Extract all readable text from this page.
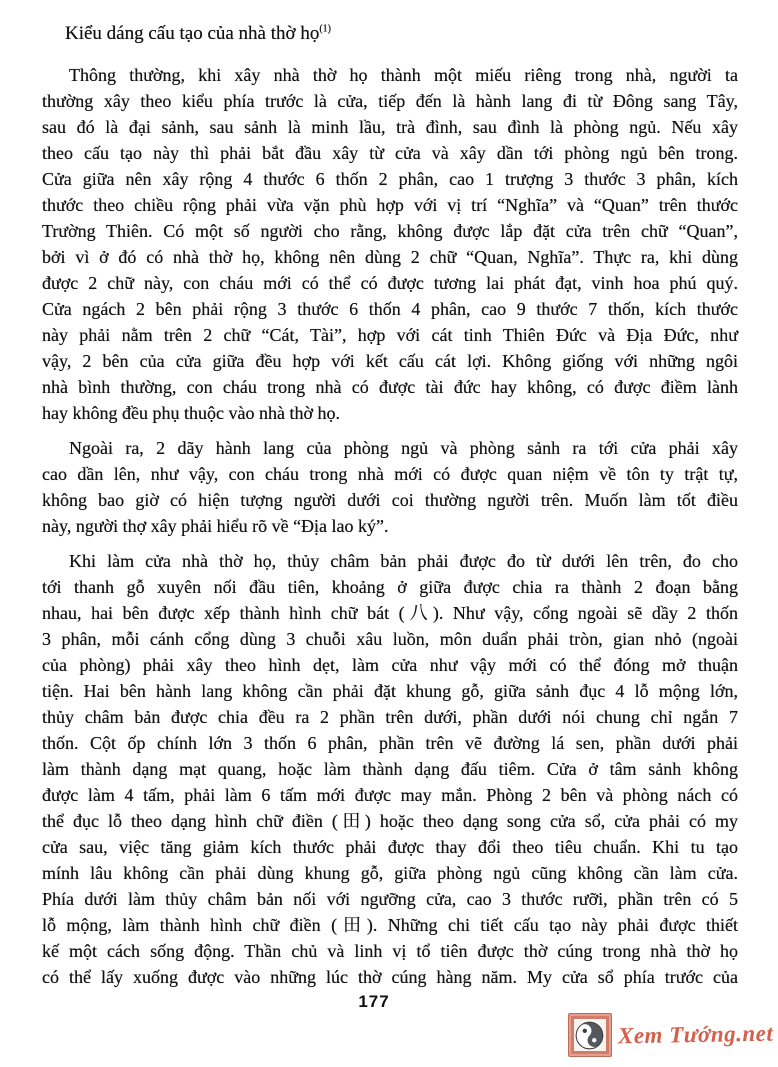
Kiểu dáng cấu tạo của nhà thờ họ$^{(1)}$
Thông thường, khi xây nhà thờ họ thành một miếu riêng trong nhà, người ta
thường xây theo kiểu phía trước là cửa, tiếp đến là hành lang đi từ Đông sang Tây,
sau đó là đại sảnh, sau sảnh là minh lầu, trà đình, sau đình là phòng ngủ. Nếu xây
theo cấu tạo này thì phải bắt đầu xây từ cửa và xây dần tới phòng ngủ bên trong.
Cửa giữa nên xây rộng 4 thước 6 thốn 2 phân, cao 1 trượng 3 thước 3 phân, kích
thước theo chiều rộng phải vừa vặn phù hợp với vị trí “Nghĩa” và “Quan” trên thước
Trường Thiên. Có một số người cho rằng, không được lắp đặt cửa trên chữ “Quan”,
bởi vì ở đó có nhà thờ họ, không nên dùng 2 chữ “Quan, Nghĩa”. Thực ra, khi dùng
được 2 chữ này, con cháu mới có thể có được tương lai phát đạt, vinh hoa phú quý.
Cửa ngách 2 bên phải rộng 3 thước 6 thốn 4 phân, cao 9 thước 7 thốn, kích thước
này phải nằm trên 2 chữ “Cát, Tài”, hợp với cát tinh Thiên Đức và Địa Đức, như
vậy, 2 bên của cửa giữa đều hợp với kết cấu cát lợi. Không giống với những ngôi
nhà bình thường, con cháu trong nhà có được tài đức hay không, có được điềm lành
hay không đều phụ thuộc vào nhà thờ họ.
Ngoài ra, 2 dãy hành lang của phòng ngủ và phòng sảnh ra tới cửa phải xây
cao dần lên, như vậy, con cháu trong nhà mới có được quan niệm về tôn ty trật tự,
không bao giờ có hiện tượng người dưới coi thường người trên. Muốn làm tốt điều
này, người thợ xây phải hiểu rõ về “Địa lao ký”.
Khi làm cửa nhà thờ họ, thủy châm bản phải được đo từ dưới lên trên, đo cho
tới thanh gỗ xuyên nối đầu tiên, khoảng ở giữa được chia ra thành 2 đoạn bằng
nhau, hai bên được xếp thành hình chữ bát (八). Như vậy, cổng ngoài sẽ dầy 2 thốn
3 phân, mỗi cánh cổng dùng 3 chuỗi xâu luồn, môn duẩn phải tròn, gian nhỏ (ngoài
của phòng) phải xây theo hình dẹt, làm cửa như vậy mới có thể đóng mở thuận
tiện. Hai bên hành lang không cần phải đặt khung gỗ, giữa sảnh đục 4 lỗ mộng lớn,
thủy châm bản được chia đều ra 2 phần trên dưới, phần dưới nói chung chỉ ngắn 7
thốn. Cột ốp chính lớn 3 thốn 6 phân, phần trên vẽ đường lá sen, phần dưới phải
làm thành dạng mạt quang, hoặc làm thành dạng đấu tiêm. Cửa ở tâm sảnh không
được làm 4 tấm, phải làm 6 tấm mới được may mắn. Phòng 2 bên và phòng nách có
thể đục lỗ theo dạng hình chữ điền (田) hoặc theo dạng song cửa sổ, cửa phải có my
cửa sau, việc tăng giảm kích thước phải được thay đổi theo tiêu chuẩn. Khi tu tạo
mính lâu không cần phải dùng khung gỗ, giữa phòng ngủ cũng không cần làm cửa.
Phía dưới làm thủy châm bản nối với ngưỡng cửa, cao 3 thước rưỡi, phần trên có 5
lỗ mộng, làm thành hình chữ điền (田). Những chi tiết cấu tạo này phải được thiết
kế một cách sống động. Thần chủ và linh vị tổ tiên được thờ cúng trong nhà thờ họ
có thể lấy xuống được vào những lúc thờ cúng hàng năm. My cửa sổ phía trước của
177
Xem Tướng.net
